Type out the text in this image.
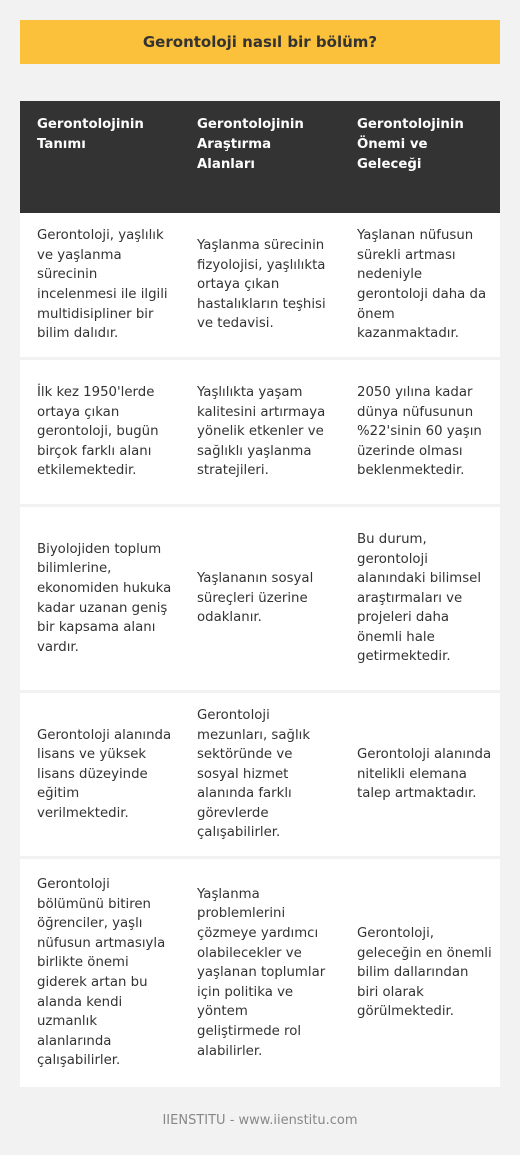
Gerontoloji nasıl bir bölüm?
Gerontolojinin Tanımı
Gerontolojinin Araştırma Alanları
Gerontolojinin Önemi ve Geleceği
Gerontoloji, yaşlılık ve yaşlanma sürecinin incelenmesi ile ilgili multidisipliner bir bilim dalıdır.
Yaşlanma sürecinin fizyolojisi, yaşlılıkta ortaya çıkan hastalıkların teşhisi ve tedavisi.
Yaşlanan nüfusun sürekli artması nedeniyle gerontoloji daha da önem kazanmaktadır.
İlk kez 1950'lerde ortaya çıkan gerontoloji, bugün birçok farklı alanı etkilemektedir.
Yaşlılıkta yaşam kalitesini artırmaya yönelik etkenler ve sağlıklı yaşlanma stratejileri.
2050 yılına kadar dünya nüfusunun %22'sinin 60 yaşın üzerinde olması beklenmektedir.
Biyolojiden toplum bilimlerine, ekonomiden hukuka kadar uzanan geniş bir kapsama alanı vardır.
Yaşlananın sosyal süreçleri üzerine odaklanır.
Bu durum, gerontoloji alanındaki bilimsel araştırmaları ve projeleri daha önemli hale getirmektedir.
Gerontoloji alanında lisans ve yüksek lisans düzeyinde eğitim verilmektedir.
Gerontoloji mezunları, sağlık sektöründe ve sosyal hizmet alanında farklı görevlerde çalışabilirler.
Gerontoloji alanında nitelikli elemana talep artmaktadır.
Gerontoloji bölümünü bitiren öğrenciler, yaşlı nüfusun artmasıyla birlikte önemi giderek artan bu alanda kendi uzmanlık alanlarında çalışabilirler.
Yaşlanma problemlerini çözmeye yardımcı olabilecekler ve yaşlanan toplumlar için politika ve yöntem geliştirmede rol alabilirler.
Gerontoloji, geleceğin en önemli bilim dallarından biri olarak görülmektedir.
IIENSTITU - www.iienstitu.com
